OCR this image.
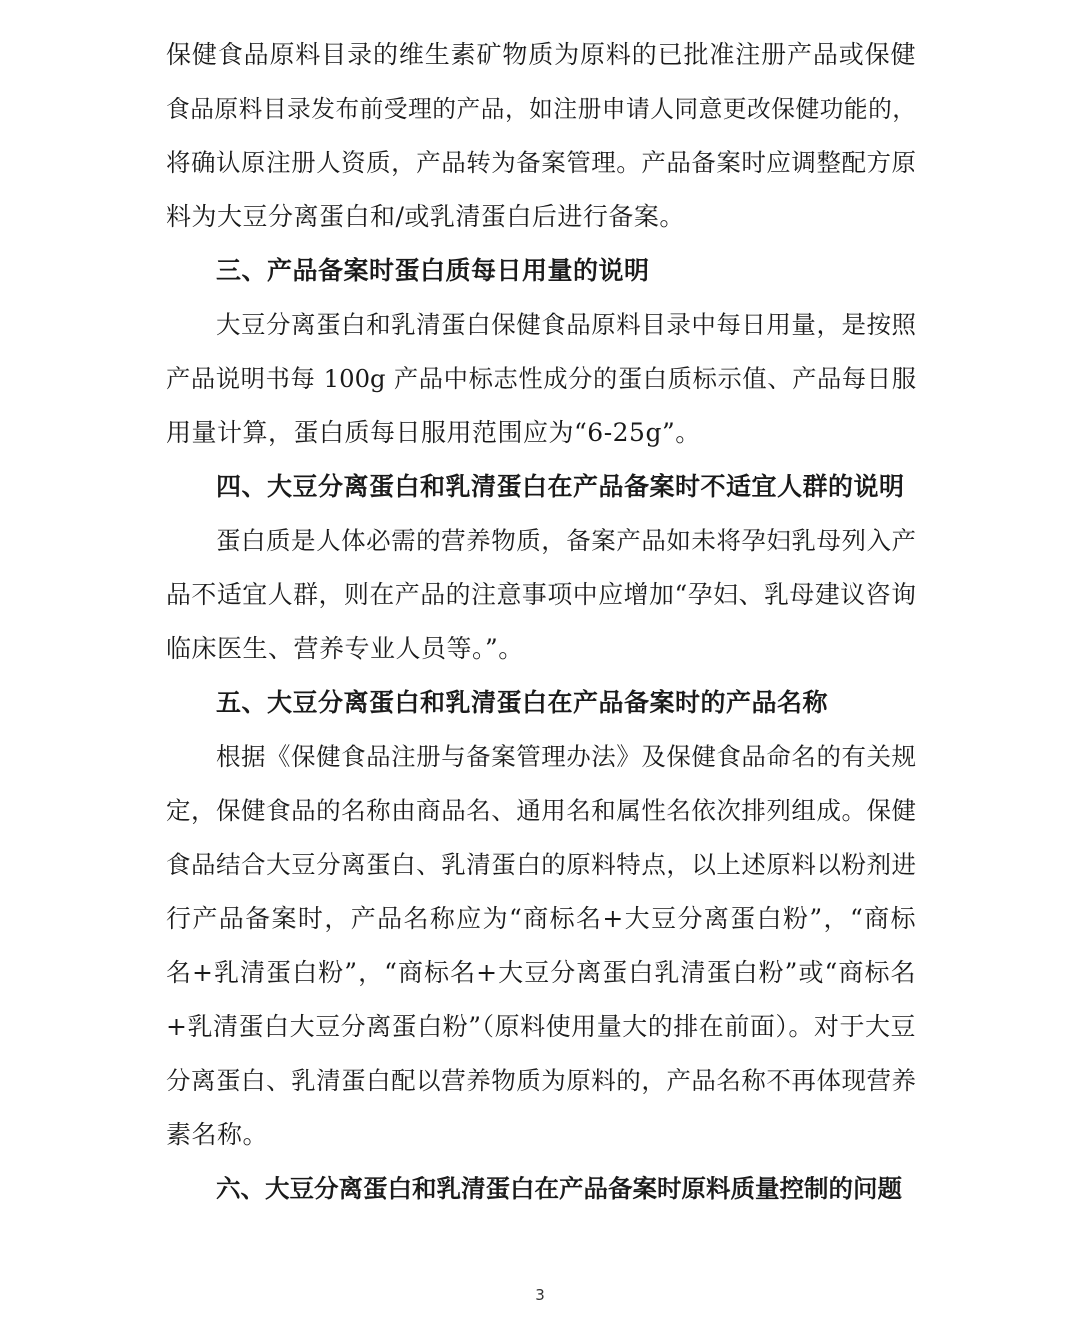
保健食品原料目录的维生素矿物质为原料的已批准注册产品或保健
食品原料目录发布前受理的产品，如注册申请人同意更改保健功能的，
将确认原注册人资质，产品转为备案管理。产品备案时应调整配方原
料为大豆分离蛋白和/或乳清蛋白后进行备案。
三、产品备案时蛋白质每日用量的说明
大豆分离蛋白和乳清蛋白保健食品原料目录中每日用量，是按照
产品说明书每 100g 产品中标志性成分的蛋白质标示值、产品每日服
用量计算，蛋白质每日服用范围应为“6-25g”。
四、大豆分离蛋白和乳清蛋白在产品备案时不适宜人群的说明
蛋白质是人体必需的营养物质，备案产品如未将孕妇乳母列入产
品不适宜人群，则在产品的注意事项中应增加“孕妇、乳母建议咨询
临床医生、营养专业人员等。”。
五、大豆分离蛋白和乳清蛋白在产品备案时的产品名称
根据《保健食品注册与备案管理办法》及保健食品命名的有关规
定，保健食品的名称由商品名、通用名和属性名依次排列组成。保健
食品结合大豆分离蛋白、乳清蛋白的原料特点，以上述原料以粉剂进
行产品备案时，产品名称应为“商标名+大豆分离蛋白粉”，“商标
名+乳清蛋白粉”，“商标名+大豆分离蛋白乳清蛋白粉”或“商标名
+乳清蛋白大豆分离蛋白粉”（原料使用量大的排在前面）。对于大豆
分离蛋白、乳清蛋白配以营养物质为原料的，产品名称不再体现营养
素名称。
六、大豆分离蛋白和乳清蛋白在产品备案时原料质量控制的问题
3
